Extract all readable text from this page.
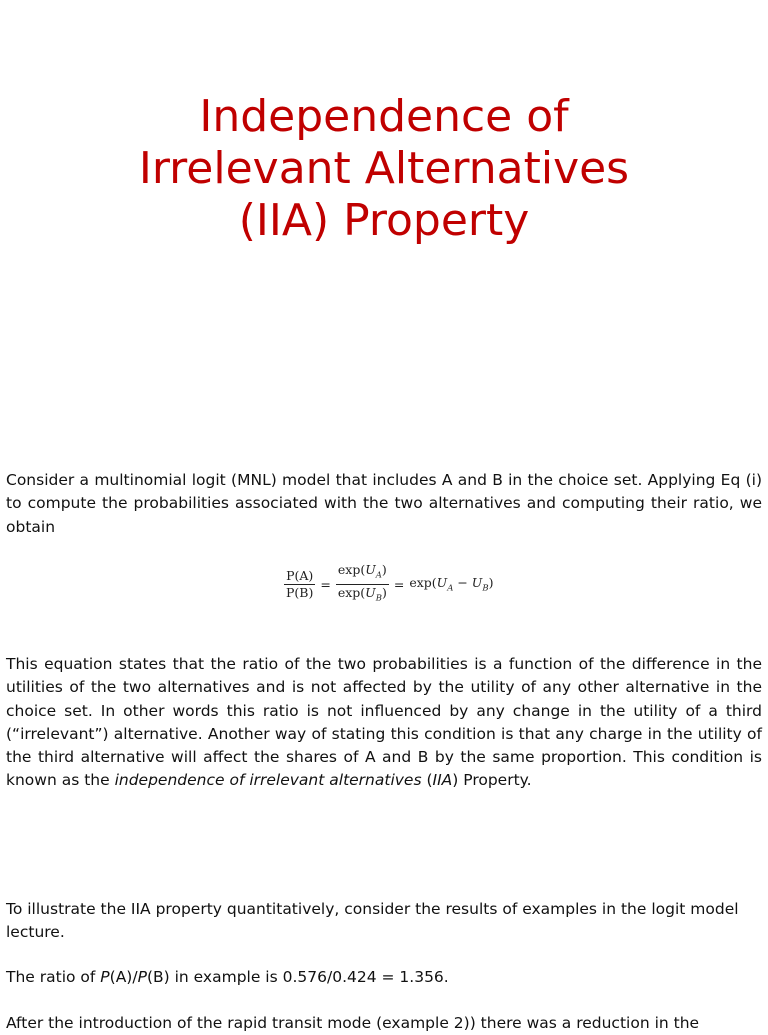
Independence of
Irrelevant Alternatives
(IIA) Property

Consider a multinomial logit (MNL) model that includes A and B in the choice set. Applying Eq (i) to compute the probabilities associated with the two alternatives and computing their ratio, we obtain

$\frac{P(A)}{P(B)} = \frac{\exp(U_A)}{\exp(U_B)} = \exp(U_A - U_B)$

This equation states that the ratio of the two probabilities is a function of the difference in the utilities of the two alternatives and is not affected by the utility of any other alternative in the choice set. In other words this ratio is not influenced by any change in the utility of a third (“irrelevant”) alternative. Another way of stating this condition is that any charge in the utility of the third alternative will affect the shares of A and B by the same proportion. This condition is known as the independence of irrelevant alternatives (IIA) Property.

To illustrate the IIA property quantitatively, consider the results of examples in the logit model lecture.

The ratio of P(A)/P(B) in example is 0.576/0.424 = 1.356.

After the introduction of the rapid transit mode (example 2)) there was a reduction in the
